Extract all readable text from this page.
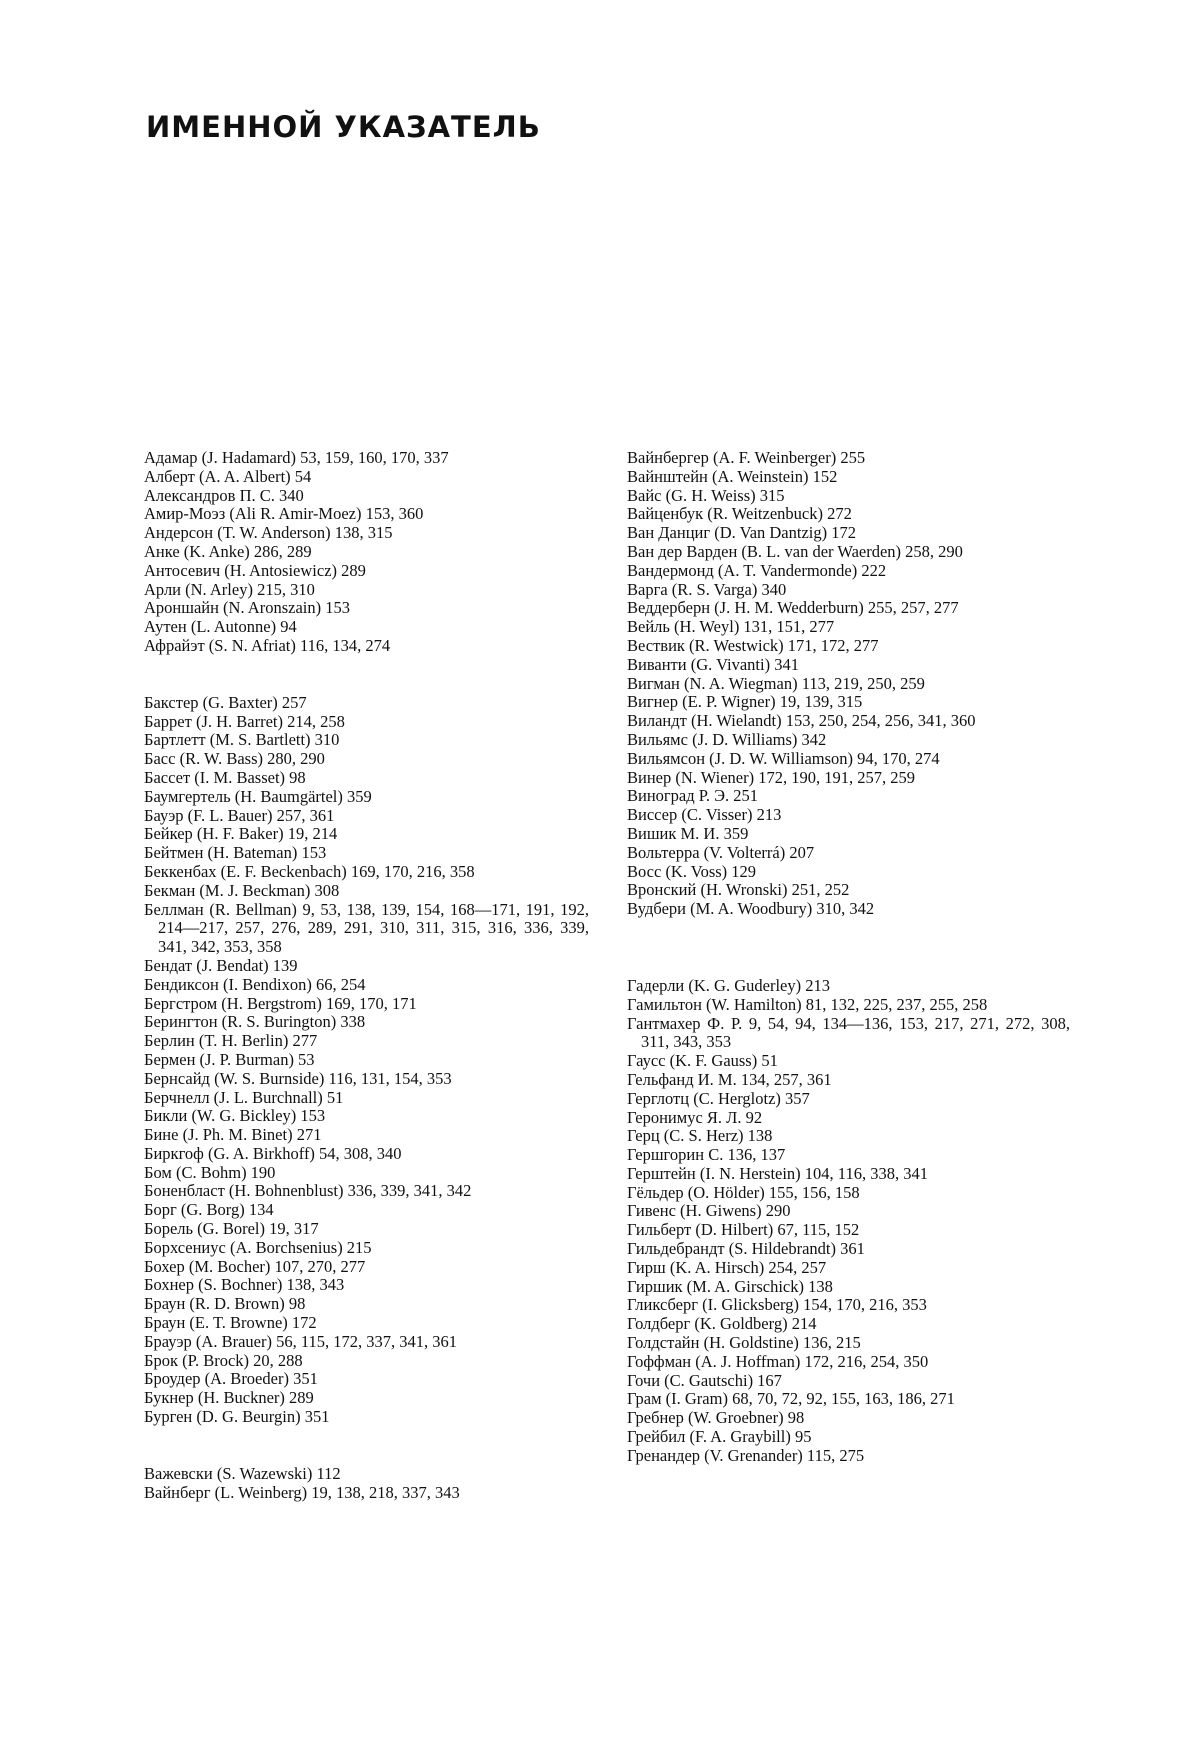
ИМЕННОЙ УКАЗАТЕЛЬ
Адамар (J. Hadamard) 53, 159, 160, 170, 337
Алберт (A. A. Albert) 54
Александров П. С. 340
Амир-Моэз (Ali R. Amir-Moez) 153, 360
Андерсон (T. W. Anderson) 138, 315
Анке (K. Anke) 286, 289
Антосевич (H. Antosiewicz) 289
Арли (N. Arley) 215, 310
Ароншайн (N. Aronszain) 153
Аутен (L. Autonne) 94
Афрайэт (S. N. Afriat) 116, 134, 274
Бакстер (G. Baxter) 257
Баррет (J. H. Barret) 214, 258
Бартлетт (M. S. Bartlett) 310
Басс (R. W. Bass) 280, 290
Бассет (I. M. Basset) 98
Баумгертель (H. Baumgärtel) 359
Бауэр (F. L. Bauer) 257, 361
Бейкер (H. F. Baker) 19, 214
Бейтмен (H. Bateman) 153
Беккенбах (E. F. Beckenbach) 169, 170, 216, 358
Бекман (M. J. Beckman) 308
Беллман (R. Bellman) 9, 53, 138, 139, 154, 168—171, 191, 192, 214—217, 257, 276, 289, 291, 310, 311, 315, 316, 336, 339, 341, 342, 353, 358
Бендат (J. Bendat) 139
Бендиксон (I. Bendixon) 66, 254
Бергстром (H. Bergstrom) 169, 170, 171
Берингтон (R. S. Burington) 338
Берлин (T. H. Berlin) 277
Бермен (J. P. Burman) 53
Бернсайд (W. S. Burnside) 116, 131, 154, 353
Берчнелл (J. L. Burchnall) 51
Бикли (W. G. Bickley) 153
Бине (J. Ph. M. Binet) 271
Биркгоф (G. A. Birkhoff) 54, 308, 340
Бом (C. Bohm) 190
Боненбласт (H. Bohnenblust) 336, 339, 341, 342
Борг (G. Borg) 134
Борель (G. Borel) 19, 317
Борхсениус (A. Borchsenius) 215
Бохер (M. Bocher) 107, 270, 277
Бохнер (S. Bochner) 138, 343
Браун (R. D. Brown) 98
Браун (E. T. Browne) 172
Брауэр (A. Brauer) 56, 115, 172, 337, 341, 361
Брок (P. Brock) 20, 288
Броудер (A. Broeder) 351
Букнер (H. Buckner) 289
Бурген (D. G. Beurgin) 351
Важевски (S. Wazewski) 112
Вайнберг (L. Weinberg) 19, 138, 218, 337, 343
Вайнбергер (A. F. Weinberger) 255
Вайнштейн (A. Weinstein) 152
Вайс (G. H. Weiss) 315
Вайценбук (R. Weitzenbuck) 272
Ван Данциг (D. Van Dantzig) 172
Ван дер Варден (B. L. van der Waerden) 258, 290
Вандермонд (A. T. Vandermonde) 222
Варга (R. S. Varga) 340
Веддерберн (J. H. M. Wedderburn) 255, 257, 277
Вейль (H. Weyl) 131, 151, 277
Вествик (R. Westwick) 171, 172, 277
Виванти (G. Vivanti) 341
Вигман (N. A. Wiegman) 113, 219, 250, 259
Вигнер (E. P. Wigner) 19, 139, 315
Виландт (H. Wielandt) 153, 250, 254, 256, 341, 360
Вильямс (J. D. Williams) 342
Вильямсон (J. D. W. Williamson) 94, 170, 274
Винер (N. Wiener) 172, 190, 191, 257, 259
Виноград Р. Э. 251
Виссер (C. Visser) 213
Вишик М. И. 359
Вольтерра (V. Volterrá) 207
Восс (K. Voss) 129
Вронский (H. Wronski) 251, 252
Вудбери (M. A. Woodbury) 310, 342
Гадерли (K. G. Guderley) 213
Гамильтон (W. Hamilton) 81, 132, 225, 237, 255, 258
Гантмахер Ф. Р. 9, 54, 94, 134—136, 153, 217, 271, 272, 308, 311, 343, 353
Гаусс (K. F. Gauss) 51
Гельфанд И. М. 134, 257, 361
Герглотц (C. Herglotz) 357
Геронимус Я. Л. 92
Герц (C. S. Herz) 138
Гершгорин С. 136, 137
Герштейн (I. N. Herstein) 104, 116, 338, 341
Гёльдер (O. Hölder) 155, 156, 158
Гивенс (H. Giwens) 290
Гильберт (D. Hilbert) 67, 115, 152
Гильдебрандт (S. Hildebrandt) 361
Гирш (K. A. Hirsch) 254, 257
Гиршик (M. A. Girschick) 138
Гликсберг (I. Glicksberg) 154, 170, 216, 353
Голдберг (K. Goldberg) 214
Голдстайн (H. Goldstine) 136, 215
Гоффман (A. J. Hoffman) 172, 216, 254, 350
Гочи (C. Gautschi) 167
Грам (I. Gram) 68, 70, 72, 92, 155, 163, 186, 271
Гребнер (W. Groebner) 98
Грейбил (F. A. Graybill) 95
Гренандер (V. Grenander) 115, 275
